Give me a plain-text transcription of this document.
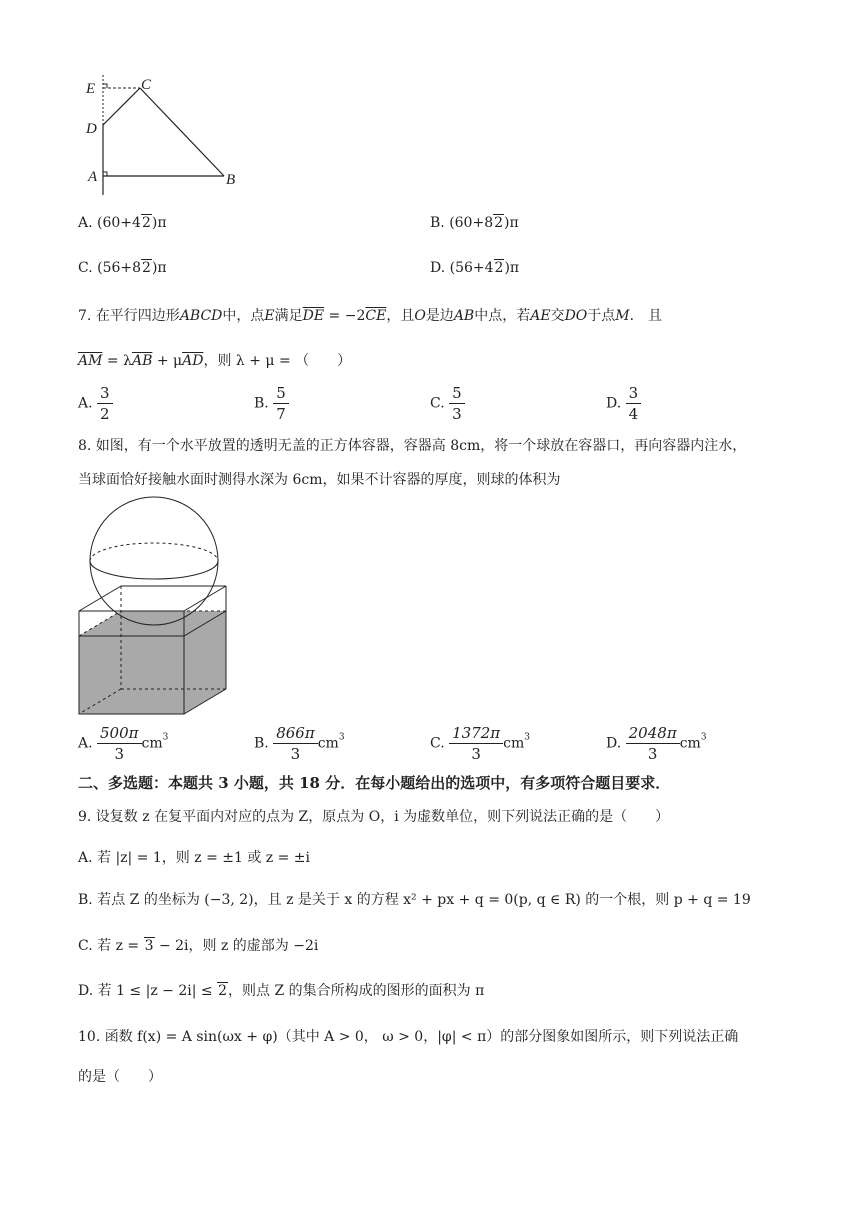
E	C
D
A	B
A. (60+42)π	B. (60+82)π
C. (56+82)π	D. (56+42)π
7. 在平行四边形ABCD中，点E满足$\overline{DE} = -2\overline{CE}$，且O是边AB中点，若AE交DO于点M． 且
$\overline{AM} = \lambda\overline{AB} + \mu\overline{AD}$，则 λ + μ = （　　）
A. $\frac{3}{2}$	B. $\frac{5}{7}$	C. $\frac{5}{3}$	D. $\frac{3}{4}$
8. 如图，有一个水平放置的透明无盖的正方体容器，容器高 8cm，将一个球放在容器口，再向容器内注水，
当球面恰好接触水面时测得水深为 6cm，如果不计容器的厚度，则球的体积为
A. $\frac{500\pi}{3} cm^3$	B. $\frac{866\pi}{3} cm^3$	C. $\frac{1372\pi}{3} cm^3$	D. $\frac{2048\pi}{3} cm^3$
二、多选题：本题共 3 小题，共 18 分．在每小题给出的选项中，有多项符合题目要求．
9. 设复数 z 在复平面内对应的点为 Z，原点为 O，i 为虚数单位，则下列说法正确的是（　　）
A. 若 |z| = 1，则 z = ±1 或 z = ±i
B. 若点 Z 的坐标为 (−3, 2)，且 z 是关于 x 的方程 x² + px + q = 0(p, q ∈ R) 的一个根，则 p + q = 19
C. 若 z = 3 − 2i，则 z 的虚部为 −2i
D. 若 1 ≤ |z − 2i| ≤ 2，则点 Z 的集合所构成的图形的面积为 π
10. 函数 f(x) = A sin(ωx + φ)（其中 A > 0， ω > 0，|φ| < π）的部分图象如图所示，则下列说法正确
的是（　　）
